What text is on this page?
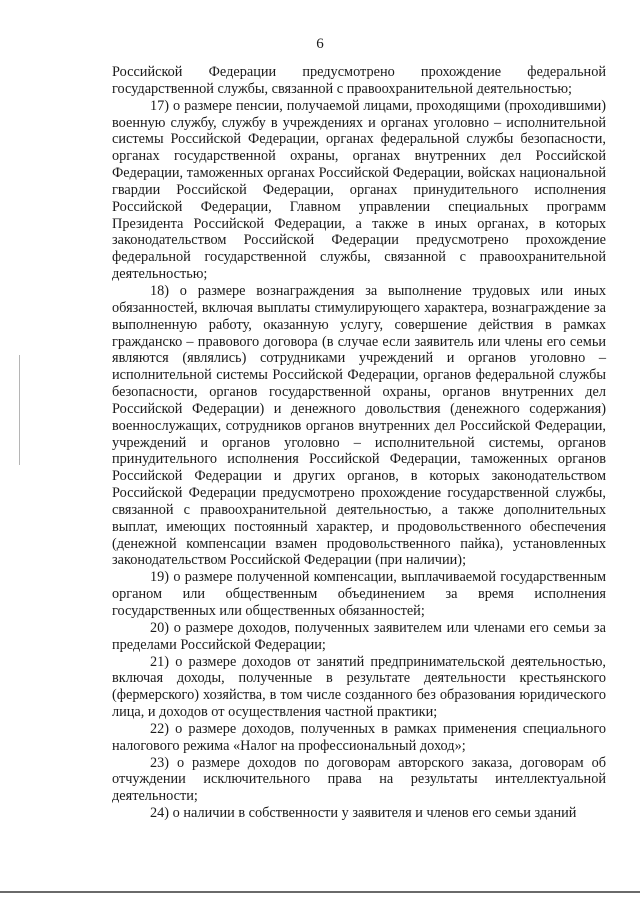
6

Российской Федерации предусмотрено прохождение федеральной государственной службы, связанной с правоохранительной деятельностью;

17) о размере пенсии, получаемой лицами, проходящими (проходившими) военную службу, службу в учреждениях и органах уголовно – исполнительной системы Российской Федерации, органах федеральной службы безопасности, органах государственной охраны, органах внутренних дел Российской Федерации, таможенных органах Российской Федерации, войсках национальной гвардии Российской Федерации, органах принудительного исполнения Российской Федерации, Главном управлении специальных программ Президента Российской Федерации, а также в иных органах, в которых законодательством Российской Федерации предусмотрено прохождение федеральной государственной службы, связанной с правоохранительной деятельностью;

18) о размере вознаграждения за выполнение трудовых или иных обязанностей, включая выплаты стимулирующего характера, вознаграждение за выполненную работу, оказанную услугу, совершение действия в рамках гражданско – правового договора (в случае если заявитель или члены его семьи являются (являлись) сотрудниками учреждений и органов уголовно – исполнительной системы Российской Федерации, органов федеральной службы безопасности, органов государственной охраны, органов внутренних дел Российской Федерации) и денежного довольствия (денежного содержания) военнослужащих, сотрудников органов внутренних дел Российской Федерации, учреждений и органов уголовно – исполнительной системы, органов принудительного исполнения Российской Федерации, таможенных органов Российской Федерации и других органов, в которых законодательством Российской Федерации предусмотрено прохождение государственной службы, связанной с правоохранительной деятельностью, а также дополнительных выплат, имеющих постоянный характер, и продовольственного обеспечения (денежной компенсации взамен продовольственного пайка), установленных законодательством Российской Федерации (при наличии);

19) о размере полученной компенсации, выплачиваемой государственным органом или общественным объединением за время исполнения государственных или общественных обязанностей;

20) о размере доходов, полученных заявителем или членами его семьи за пределами Российской Федерации;

21) о размере доходов от занятий предпринимательской деятельностью, включая доходы, полученные в результате деятельности крестьянского (фермерского) хозяйства, в том числе созданного без образования юридического лица, и доходов от осуществления частной практики;

22) о размере доходов, полученных в рамках применения специального налогового режима «Налог на профессиональный доход»;

23) о размере доходов по договорам авторского заказа, договорам об отчуждении исключительного права на результаты интеллектуальной деятельности;

24) о наличии в собственности у заявителя и членов его семьи зданий
